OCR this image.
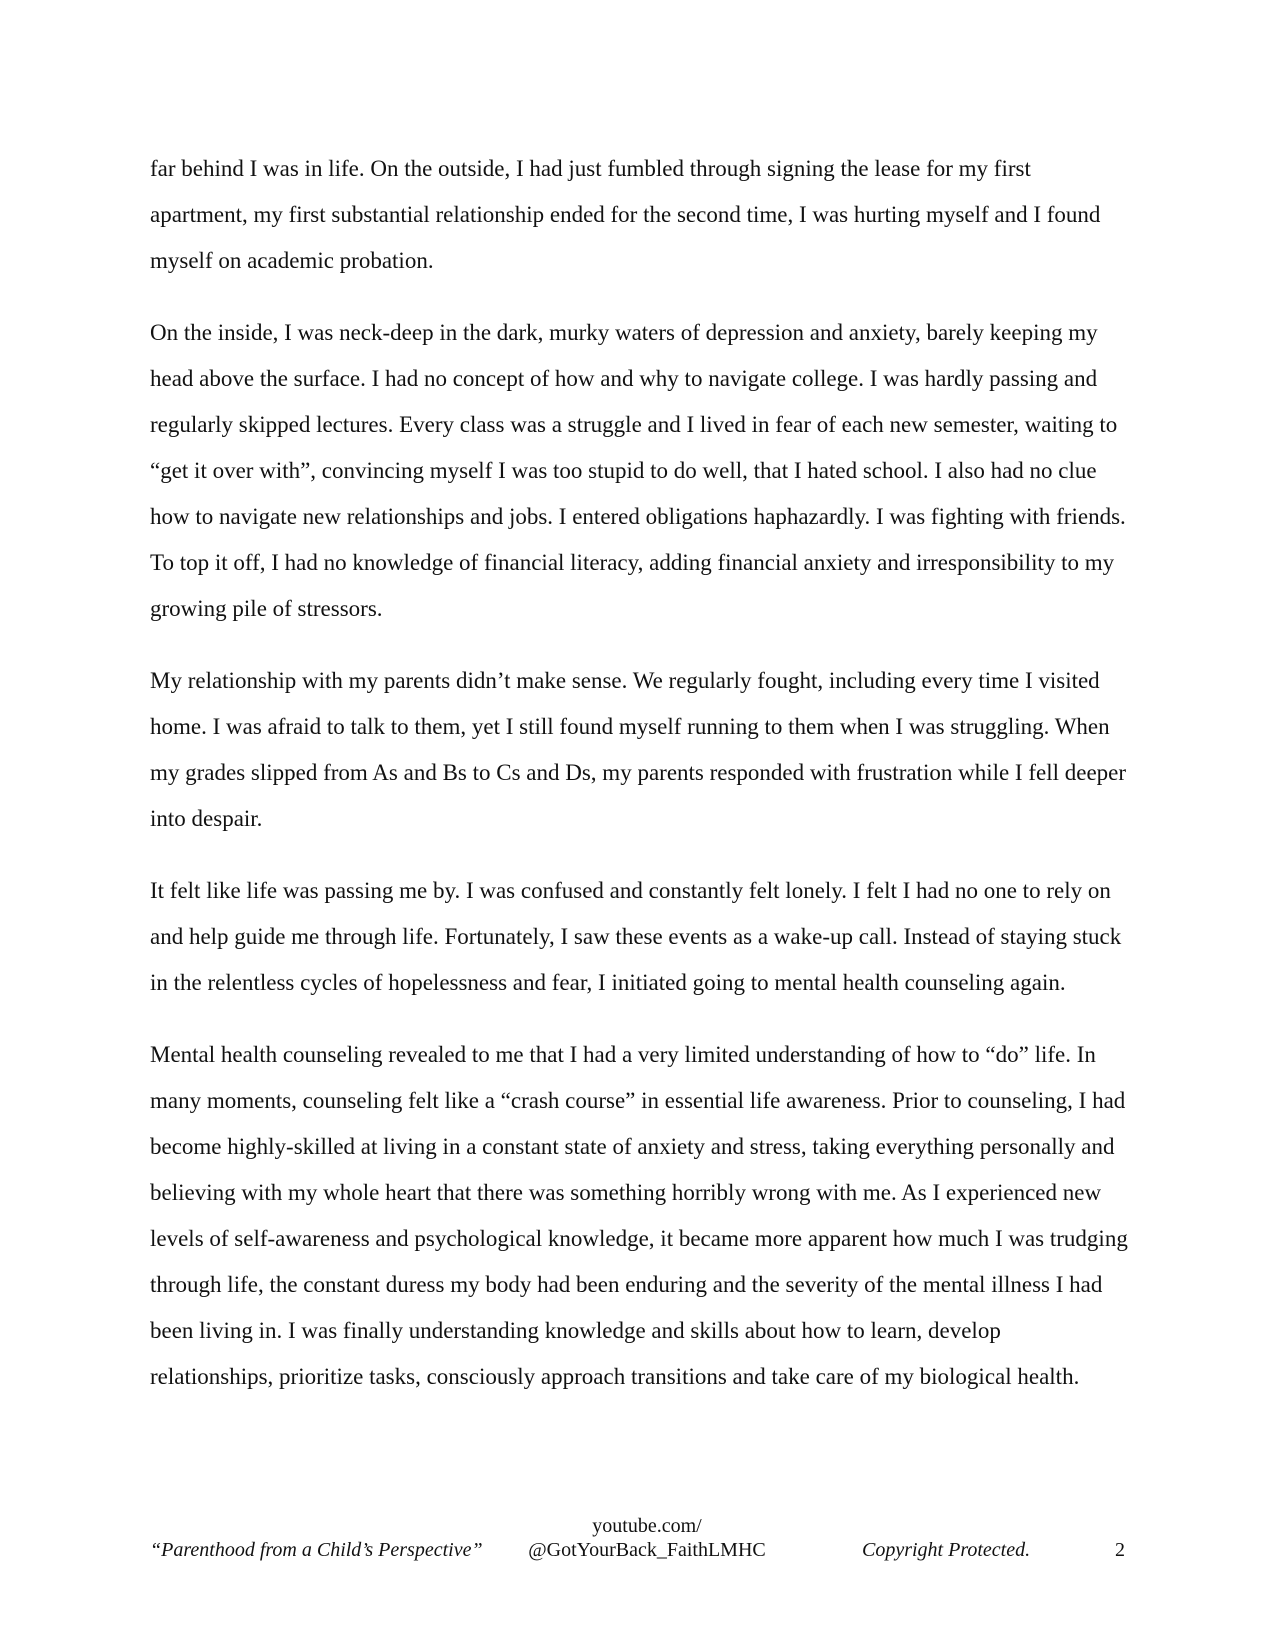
far behind I was in life. On the outside, I had just fumbled through signing the lease for my first apartment, my first substantial relationship ended for the second time, I was hurting myself and I found myself on academic probation.

On the inside, I was neck-deep in the dark, murky waters of depression and anxiety, barely keeping my head above the surface. I had no concept of how and why to navigate college. I was hardly passing and regularly skipped lectures. Every class was a struggle and I lived in fear of each new semester, waiting to “get it over with”, convincing myself I was too stupid to do well, that I hated school. I also had no clue how to navigate new relationships and jobs. I entered obligations haphazardly. I was fighting with friends. To top it off, I had no knowledge of financial literacy, adding financial anxiety and irresponsibility to my growing pile of stressors.

My relationship with my parents didn’t make sense. We regularly fought, including every time I visited home. I was afraid to talk to them, yet I still found myself running to them when I was struggling. When my grades slipped from As and Bs to Cs and Ds, my parents responded with frustration while I fell deeper into despair.

It felt like life was passing me by. I was confused and constantly felt lonely. I felt I had no one to rely on and help guide me through life. Fortunately, I saw these events as a wake-up call. Instead of staying stuck in the relentless cycles of hopelessness and fear, I initiated going to mental health counseling again.

Mental health counseling revealed to me that I had a very limited understanding of how to “do” life. In many moments, counseling felt like a “crash course” in essential life awareness. Prior to counseling, I had become highly-skilled at living in a constant state of anxiety and stress, taking everything personally and believing with my whole heart that there was something horribly wrong with me. As I experienced new levels of self-awareness and psychological knowledge, it became more apparent how much I was trudging through life, the constant duress my body had been enduring and the severity of the mental illness I had been living in. I was finally understanding knowledge and skills about how to learn, develop relationships, prioritize tasks, consciously approach transitions and take care of my biological health.

“Parenthood from a Child’s Perspective”
youtube.com/
@GotYourBack_FaithLMHC	Copyright Protected.	2
